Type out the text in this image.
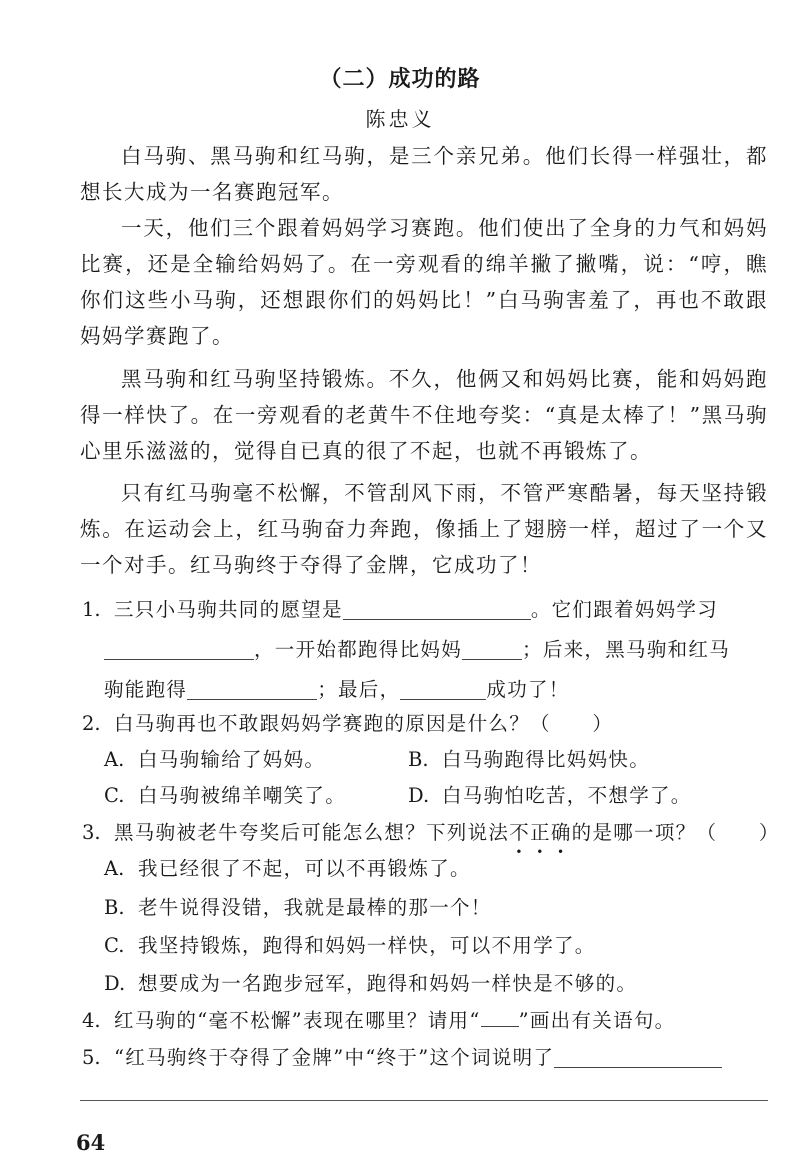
（二）成功的路
陈忠义

白马驹、黑马驹和红马驹，是三个亲兄弟。他们长得一样强壮，都想长大成为一名赛跑冠军。

一天，他们三个跟着妈妈学习赛跑。他们使出了全身的力气和妈妈比赛，还是全输给妈妈了。在一旁观看的绵羊撇了撇嘴，说：“哼，瞧你们这些小马驹，还想跟你们的妈妈比！”白马驹害羞了，再也不敢跟妈妈学赛跑了。

黑马驹和红马驹坚持锻炼。不久，他俩又和妈妈比赛，能和妈妈跑得一样快了。在一旁观看的老黄牛不住地夸奖：“真是太棒了！”黑马驹心里乐滋滋的，觉得自已真的很了不起，也就不再锻炼了。

只有红马驹毫不松懈，不管刮风下雨，不管严寒酷暑，每天坚持锻炼。在运动会上，红马驹奋力奔跑，像插上了翅膀一样，超过了一个又一个对手。红马驹终于夺得了金牌，它成功了！

1. 三只小马驹共同的愿望是	。它们跟着妈妈学习
，一开始都跑得比妈妈	；后来，黑马驹和红马
驹能跑得	；最后，	成功了！
2. 白马驹再也不敢跟妈妈学赛跑的原因是什么？（　　）
A. 白马驹输给了妈妈。	B. 白马驹跑得比妈妈快。
C. 白马驹被绵羊嘲笑了。	D. 白马驹怕吃苦，不想学了。
3. 黑马驹被老牛夸奖后可能怎么想？下列说法不正确的是哪一项？（　　）
A. 我已经很了不起，可以不再锻炼了。
B. 老牛说得没错，我就是最棒的那一个！
C. 我坚持锻炼，跑得和妈妈一样快，可以不用学了。
D. 想要成为一名跑步冠军，跑得和妈妈一样快是不够的。
4. 红马驹的“毫不松懈”表现在哪里？请用“ ”画出有关语句。
5. “红马驹终于夺得了金牌”中“终于”这个词说明了
64
